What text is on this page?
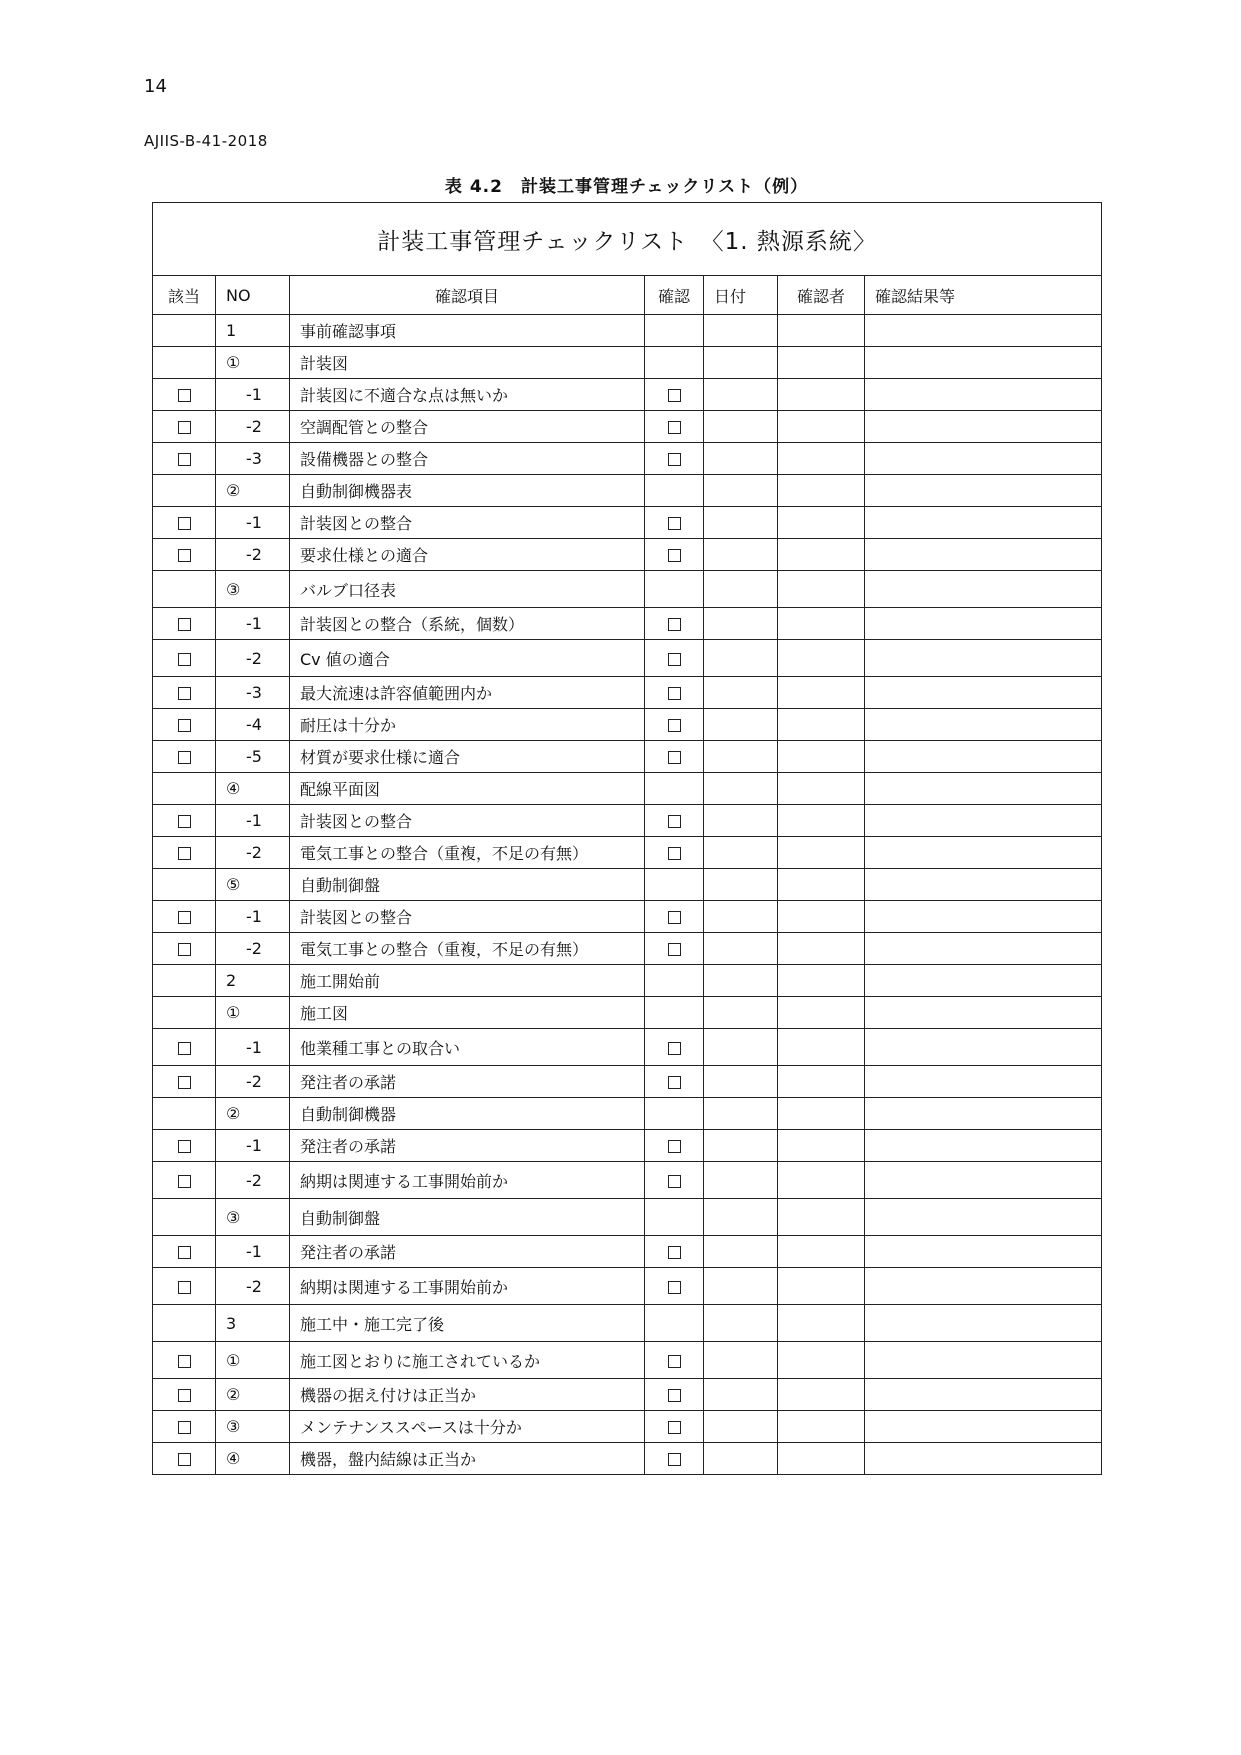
14
AJIIS-B-41-2018
表 4.2　計装工事管理チェックリスト（例）
計装工事管理チェックリスト　〈1. 熱源系統〉						
該当	NO	確認項目	確認	日付	確認者	確認結果等
	1	事前確認事項				
	①	計装図				
	-1	計装図に不適合な点は無いか				
	-2	空調配管との整合				
	-3	設備機器との整合				
	②	自動制御機器表				
	-1	計装図との整合				
	-2	要求仕様との適合				
	③	バルブ口径表				
	-1	計装図との整合（系統，個数）				
	-2	Cv 値の適合				
	-3	最大流速は許容値範囲内か				
	-4	耐圧は十分か				
	-5	材質が要求仕様に適合				
	④	配線平面図				
	-1	計装図との整合				
	-2	電気工事との整合（重複，不足の有無）				
	⑤	自動制御盤				
	-1	計装図との整合				
	-2	電気工事との整合（重複，不足の有無）				
	2	施工開始前				
	①	施工図				
	-1	他業種工事との取合い				
	-2	発注者の承諾				
	②	自動制御機器				
	-1	発注者の承諾				
	-2	納期は関連する工事開始前か				
	③	自動制御盤				
	-1	発注者の承諾				
	-2	納期は関連する工事開始前か				
	3	施工中・施工完了後				
	①	施工図とおりに施工されているか				
	②	機器の据え付けは正当か				
	③	メンテナンススペースは十分か				
	④	機器，盤内結線は正当か				
